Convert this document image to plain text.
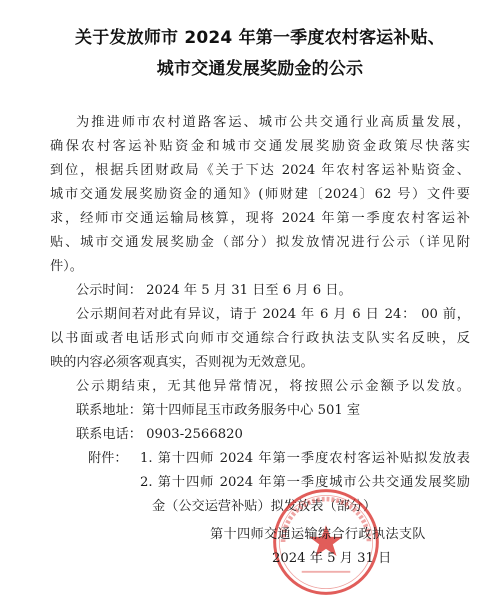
关于发放师市 2024 年第一季度农村客运补贴、
城市交通发展奖励金的公示
为推进师市农村道路客运、城市公共交通行业高质量发展，
确保农村客运补贴资金和城市交通发展奖励资金政策尽快落实
到位，根据兵团财政局《关于下达 2024 年农村客运补贴资金、
城市交通发展奖励资金的通知》(师财建〔2024〕62 号）文件要
求，经师市交通运输局核算，现将 2024 年第一季度农村客运补
贴、城市交通发展奖励金（部分）拟发放情况进行公示（详见附
件）。
公示时间： 2024 年 5 月 31 日至 6 月 6 日。
公示期间若对此有异议，请于 2024 年 6 月 6 日 24： 00 前，
以书面或者电话形式向师市交通综合行政执法支队实名反映，反
映的内容必须客观真实，否则视为无效意见。
公示期结束，无其他异常情况，将按照公示金额予以发放。
联系地址：第十四师昆玉市政务服务中心 501 室
联系电话： 0903-2566820
附件： 1. 第十四师 2024 年第一季度农村客运补贴拟发放表
2. 第十四师 2024 年第一季度城市公共交通发展奖励
金（公交运营补贴）拟发放表（部分）
第十四师交通运输综合行政执法支队
2024 年 5 月 31 日
